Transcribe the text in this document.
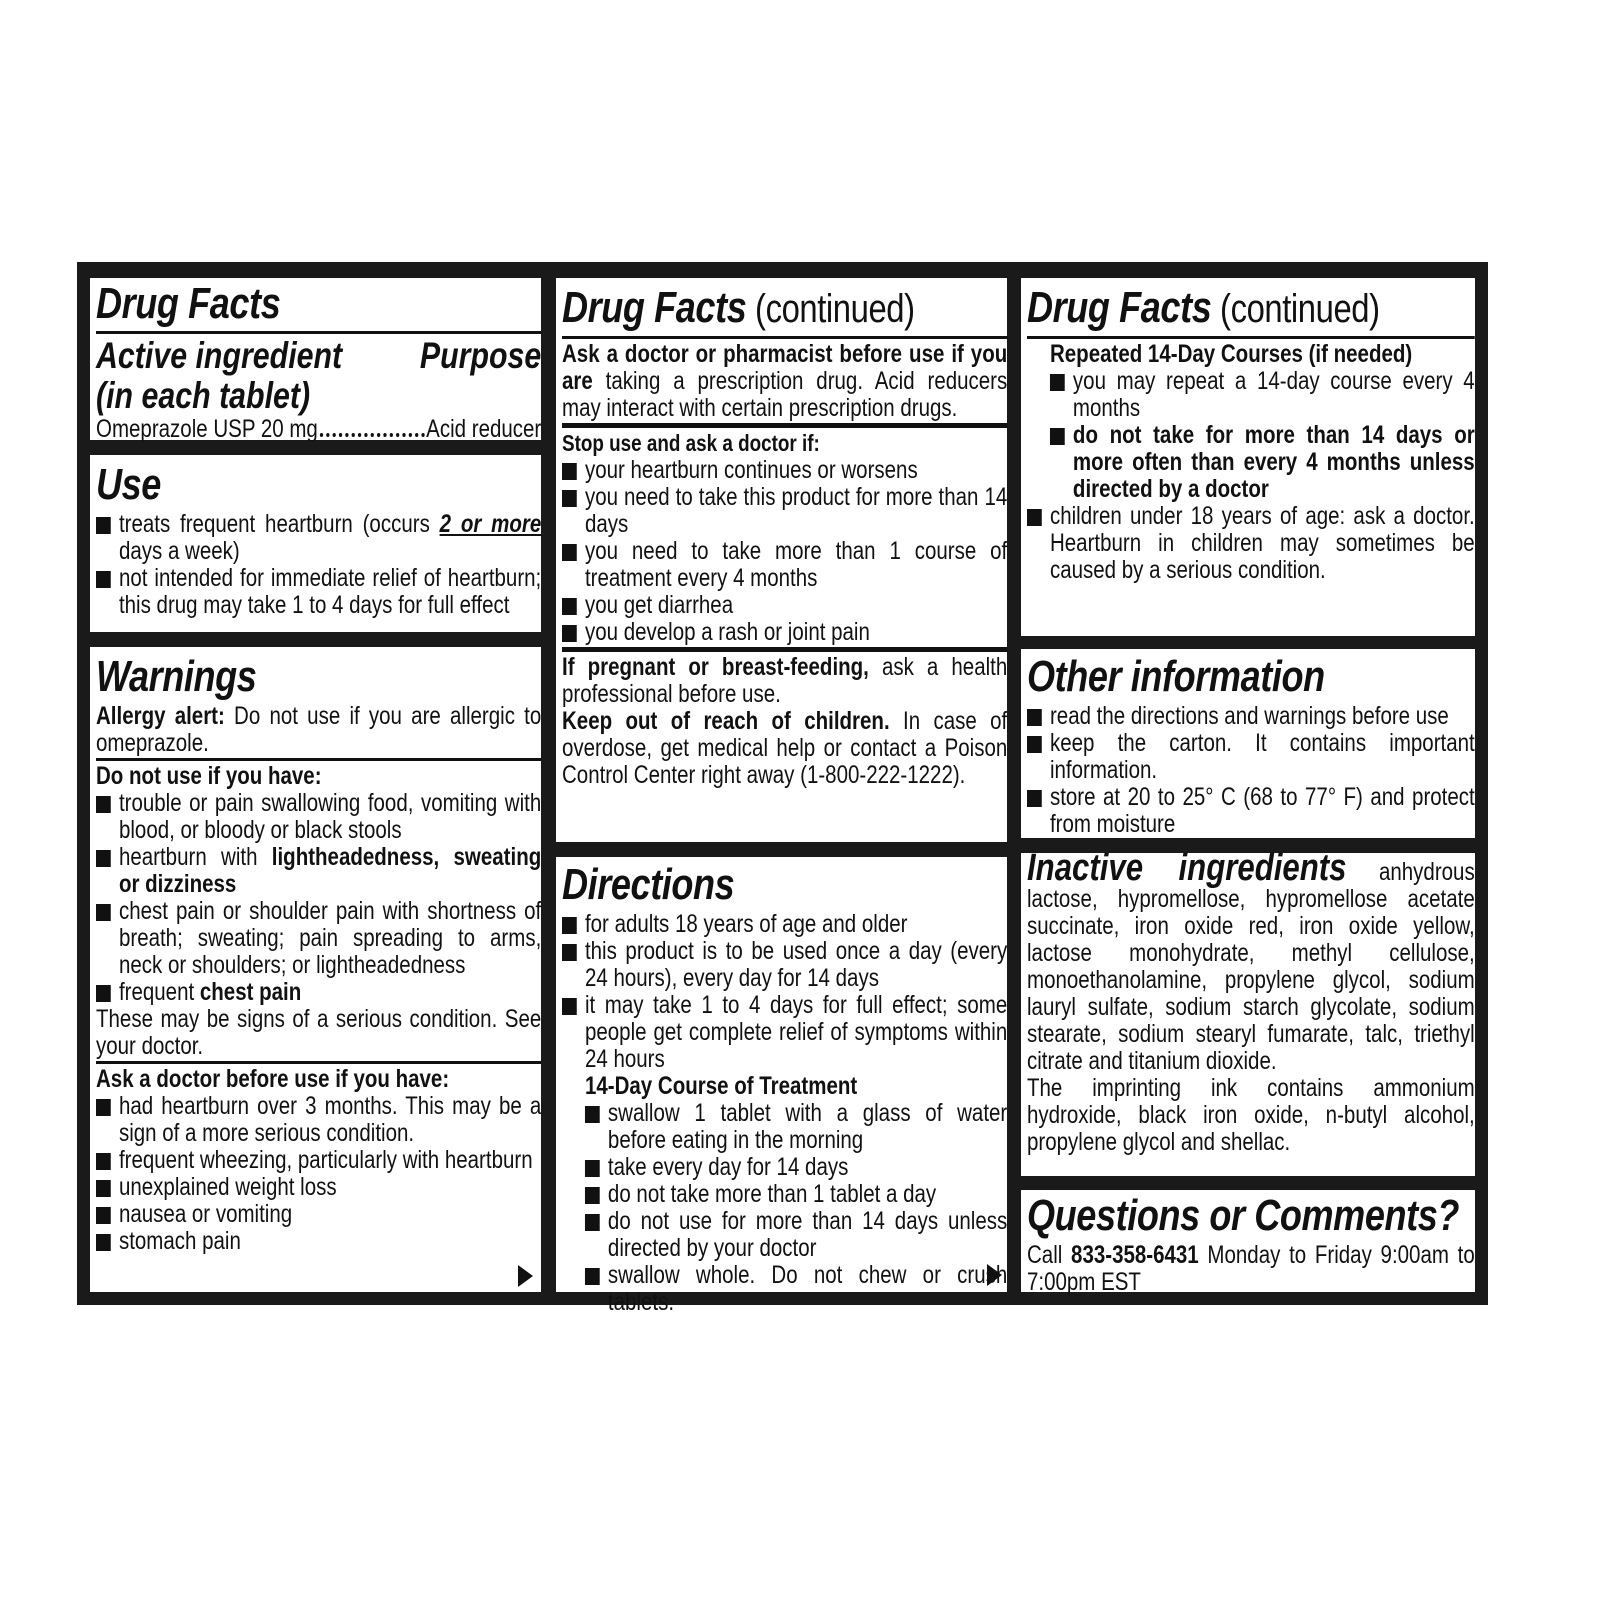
Drug Facts
Active ingredient Purpose
(in each tablet)
Omeprazole USP 20 mg	Acid reducer
Use
treats frequent heartburn (occurs 2 or more days a week)
not intended for immediate relief of heartburn; this drug may take 1 to 4 days for full effect
Warnings
Allergy alert: Do not use if you are allergic to omeprazole.
Do not use if you have:
trouble or pain swallowing food, vomiting with blood, or bloody or black stools
heartburn with lightheadedness, sweating or dizziness
chest pain or shoulder pain with shortness of breath; sweating; pain spreading to arms, neck or shoulders; or lightheadedness
frequent chest pain
These may be signs of a serious condition. See your doctor.
Ask a doctor before use if you have:
had heartburn over 3 months. This may be a sign of a more serious condition.
frequent wheezing, particularly with heartburn
unexplained weight loss
nausea or vomiting
stomach pain
Drug Facts (continued)
Ask a doctor or pharmacist before use if you are taking a prescription drug. Acid reducers may interact with certain prescription drugs.
Stop use and ask a doctor if:
your heartburn continues or worsens
you need to take this product for more than 14 days
you need to take more than 1 course of treatment every 4 months
you get diarrhea
you develop a rash or joint pain
If pregnant or breast-feeding, ask a health professional before use.
Keep out of reach of children. In case of overdose, get medical help or contact a Poison Control Center right away (1-800-222-1222).
Directions
for adults 18 years of age and older
this product is to be used once a day (every 24 hours), every day for 14 days
it may take 1 to 4 days for full effect; some people get complete relief of symptoms within 24 hours
14-Day Course of Treatment
swallow 1 tablet with a glass of water before eating in the morning
take every day for 14 days
do not take more than 1 tablet a day
do not use for more than 14 days unless directed by your doctor
swallow whole. Do not chew or crush tablets.
Drug Facts (continued)
Repeated 14-Day Courses (if needed)
you may repeat a 14-day course every 4 months
do not take for more than 14 days or more often than every 4 months unless directed by a doctor
children under 18 years of age: ask a doctor. Heartburn in children may sometimes be caused by a serious condition.
Other information
read the directions and warnings before use
keep the carton. It contains important information.
store at 20 to 25° C (68 to 77° F) and protect from moisture
Inactive ingredients anhydrous lactose, hypromellose, hypromellose acetate succinate, iron oxide red, iron oxide yellow, lactose monohydrate, methyl cellulose, monoethanolamine, propylene glycol, sodium lauryl sulfate, sodium starch glycolate, sodium stearate, sodium stearyl fumarate, talc, triethyl citrate and titanium dioxide.
The imprinting ink contains ammonium hydroxide, black iron oxide, n-butyl alcohol, propylene glycol and shellac.
Questions or Comments?
Call 833-358-6431 Monday to Friday 9:00am to 7:00pm EST
